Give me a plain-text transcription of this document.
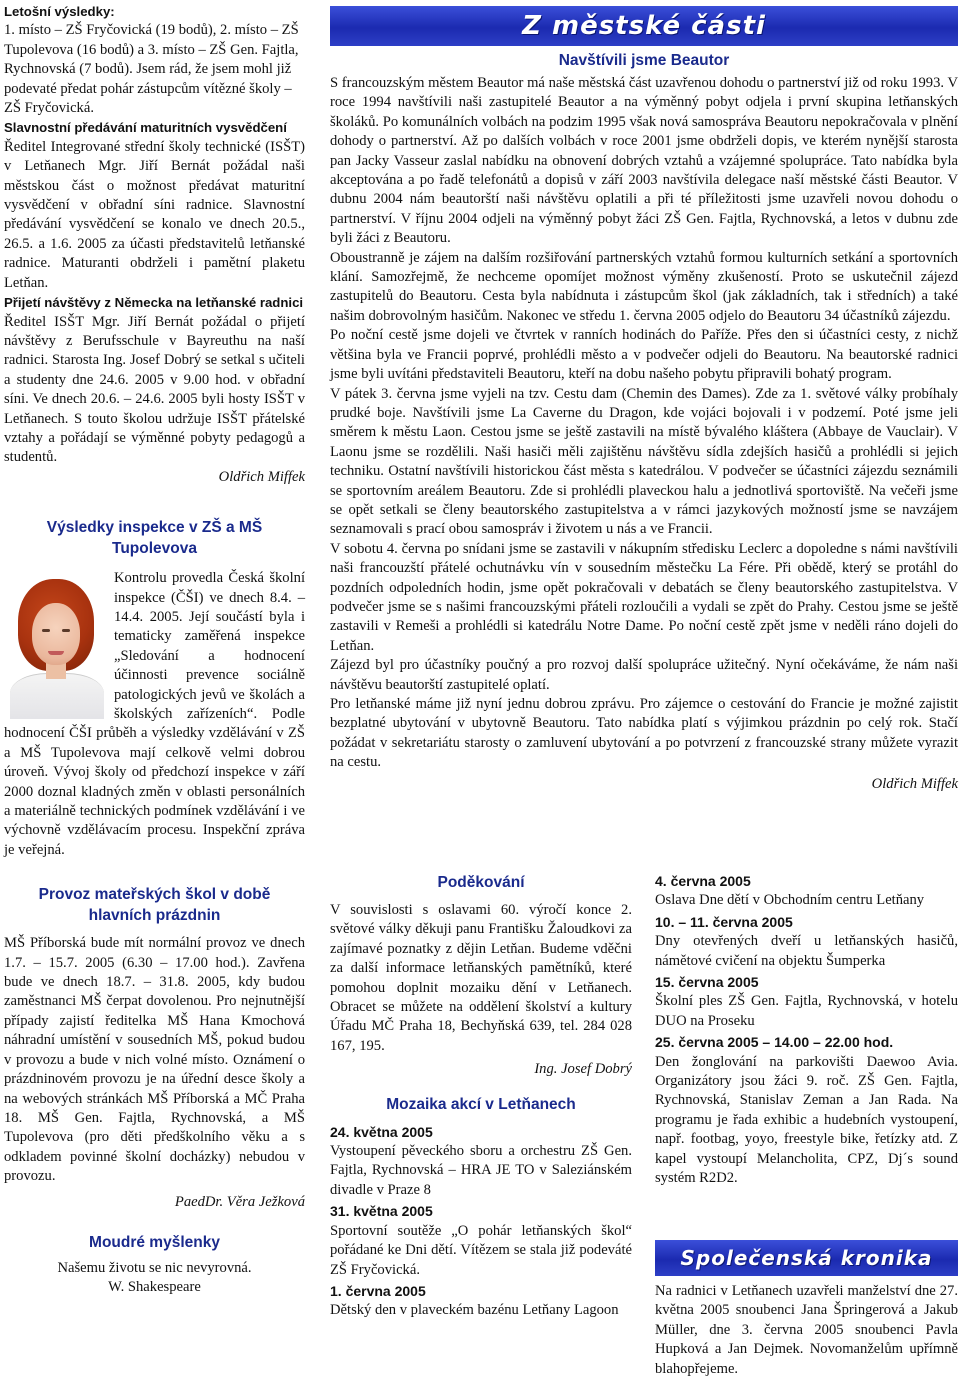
Letošní výsledky:

1. místo – ZŠ Fryčovická (19 bodů), 2. místo – ZŠ Tupolevova (16 bodů) a 3. místo – ZŠ Gen. Fajtla, Rychnovská (7 bodů). Jsem rád, že jsem mohl již podevaté předat pohár zástupcům vítězné školy – ZŠ Fryčovická.

Slavnostní předávání maturitních vysvědčení

Ředitel Integrované střední školy technické (ISŠT) v Letňanech Mgr. Jiří Bernát požádal naši městskou část o možnost předávat maturitní vysvědčení v obřadní síni radnice. Slavnostní předávání vysvědčení se konalo ve dnech 20.5., 26.5. a 1.6. 2005 za účasti představitelů letňanské radnice. Maturanti obdrželi i pamětní plaketu Letňan.

Přijetí návštěvy z Německa na letňanské radnici

Ředitel ISŠT Mgr. Jiří Bernát požádal o přijetí návštěvy z Berufsschule v Bayreuthu na naší radnici. Starosta Ing. Josef Dobrý se setkal s učiteli a studenty dne 24.6. 2005 v 9.00 hod. v obřadní síni. Ve dnech 20.6. – 24.6. 2005 byli hosty ISŠT v Letňanech. S touto školou udržuje ISŠT přátelské vztahy a pořádají se výměnné pobyty pedagogů a studentů.

Oldřich Miffek

Výsledky inspekce v ZŠ a MŠ Tupolevova

Kontrolu provedla Česká školní inspekce (ČŠI) ve dnech 8.4. – 14.4. 2005. Její součástí byla i tematicky zaměřená inspekce „Sledování a hodnocení účinnosti prevence sociálně patologických jevů ve školách a školských zařízeních“. Podle hodnocení ČŠI průběh a výsledky vzdělávání v ZŠ a MŠ Tupolevova mají celkově velmi dobrou úroveň. Vývoj školy od předchozí inspekce v září 2000 doznal kladných změn v oblasti personálních a materiálně technických podmínek vzdělávání i ve výchovně vzdělávacím procesu. Inspekční zpráva je veřejná.

Provoz mateřských škol v době hlavních prázdnin

MŠ Příborská bude mít normální provoz ve dnech 1.7. – 15.7. 2005 (6.30 – 17.00 hod.). Zavřena bude ve dnech 18.7. – 31.8. 2005, kdy budou zaměstnanci MŠ čerpat dovolenou. Pro nejnutnější případy zajistí ředitelka MŠ Hana Kmochová náhradní umístění v sousedních MŠ, pokud budou v provozu a bude v nich volné místo. Oznámení o prázdninovém provozu je na úřední desce školy a na webových stránkách MŠ Příborská a MČ Praha 18. MŠ Gen. Fajtla, Rychnovská, a MŠ Tupolevova (pro děti předškolního věku a s odkladem povinné školní docházky) nebudou v provozu.

PaedDr. Věra Ježková

Moudré myšlenky

Našemu životu se nic nevyrovná.

W. Shakespeare

Z městské části

Navštívili jsme Beautor

S francouzským městem Beautor má naše městská část uzavřenou dohodu o partnerství již od roku 1993. V roce 1994 navštívili naši zastupitelé Beautor a na výměnný pobyt odjela i první skupina letňanských školáků. Po komunálních volbách na podzim 1995 však nová samospráva Beautoru nepokračovala v plnění dohody o partnerství. Až po dalších volbách v roce 2001 jsme obdrželi dopis, ve kterém nynější starosta pan Jacky Vasseur zaslal nabídku na obnovení dobrých vztahů a vzájemné spolupráce. Tato nabídka byla akceptována a po řadě telefonátů a dopisů v září 2003 navštívila delegace naší městské části Beautor. V dubnu 2004 nám beautorští naši návštěvu oplatili a při té příležitosti jsme uzavřeli novou dohodu o partnerství. V říjnu 2004 odjeli na výměnný pobyt žáci ZŠ Gen. Fajtla, Rychnovská, a letos v dubnu zde byli žáci z Beautoru.

Oboustranně je zájem na dalším rozšiřování partnerských vztahů formou kulturních setkání a sportovních klání. Samozřejmě, že nechceme opomíjet možnost výměny zkušeností. Proto se uskutečnil zájezd zastupitelů do Beautoru. Cesta byla nabídnuta i zástupcům škol (jak základních, tak i středních) a také našim dobrovolným hasičům. Nakonec ve středu 1. června 2005 odjelo do Beautoru 34 účastníků zájezdu.

Po noční cestě jsme dojeli ve čtvrtek v ranních hodinách do Paříže. Přes den si účastníci cesty, z nichž většina byla ve Francii poprvé, prohlédli město a v podvečer odjeli do Beautoru. Na beautorské radnici jsme byli uvítáni představiteli Beautoru, kteří na dobu našeho pobytu připravili bohatý program.

V pátek 3. června jsme vyjeli na tzv. Cestu dam (Chemin des Dames). Zde za 1. světové války probíhaly prudké boje. Navštívili jsme La Caverne du Dragon, kde vojáci bojovali i v podzemí. Poté jsme jeli směrem k městu Laon. Cestou jsme se ještě zastavili na místě bývalého kláštera (Abbaye de Vauclair). V Laonu jsme se rozdělili. Naši hasiči měli zajištěnu návštěvu sídla zdejších hasičů a prohlédli si jejich techniku. Ostatní navštívili historickou část města s katedrálou. V podvečer se účastníci zájezdu seznámili se sportovním areálem Beautoru. Zde si prohlédli plaveckou halu a jednotlivá sportoviště. Na večeři jsme se opět setkali se členy beautorského zastupitelstva a v rámci jazykových možností jsme se navzájem seznamovali s prací obou samospráv i životem u nás a ve Francii.

V sobotu 4. června po snídani jsme se zastavili v nákupním středisku Leclerc a dopoledne s námi navštívili naši francouzští přátelé ochutnávku vín v sousedním městečku La Fére. Při obědě, který se protáhl do pozdních odpoledních hodin, jsme opět pokračovali v debatách se členy beautorského zastupitelstva. V podvečer jsme se s našimi francouzskými přáteli rozloučili a vydali se zpět do Prahy. Cestou jsme se ještě zastavili v Remeši a prohlédli si katedrálu Notre Dame. Po noční cestě zpět jsme v neděli ráno dojeli do Letňan.

Zájezd byl pro účastníky poučný a pro rozvoj další spolupráce užitečný. Nyní očekáváme, že nám naši návštěvu beautorští zastupitelé oplatí.

Pro letňanské máme již nyní jednu dobrou zprávu. Pro zájemce o cestování do Francie je možné zajistit bezplatné ubytování v ubytovně Beautoru. Tato nabídka platí s výjimkou prázdnin po celý rok. Stačí požádat v sekretariátu starosty o zamluvení ubytování a po potvrzení z francouzské strany můžete vyrazit na cestu.

Oldřich Miffek

Poděkování

V souvislosti s oslavami 60. výročí konce 2. světové války děkuji panu Františku Žaloudkovi za zajímavé poznatky z dějin Letňan. Budeme vděčni za další informace letňanských pamětníků, které pomohou doplnit mozaiku dění v Letňanech. Obracet se můžete na oddělení školství a kultury Úřadu MČ Praha 18, Bechyňská 639, tel. 284 028 167, 195.

Ing. Josef Dobrý

Mozaika akcí v Letňanech

24. května 2005

Vystoupení pěveckého sboru a orchestru ZŠ Gen. Fajtla, Rychnovská – HRA JE TO v Saleziánském divadle v Praze 8

31. května 2005

Sportovní soutěže „O pohár letňanských škol“ pořádané ke Dni dětí. Vítězem se stala již podeváté ZŠ Fryčovická.

1. června 2005

Dětský den v plaveckém bazénu Letňany Lagoon

4. června 2005

Oslava Dne dětí v Obchodním centru Letňany

10. – 11. června 2005

Dny otevřených dveří u letňanských hasičů, námětové cvičení na objektu Šumperka

15. června 2005

Školní ples ZŠ Gen. Fajtla, Rychnovská, v hotelu DUO na Proseku

25. června 2005 – 14.00 – 22.00 hod.

Den žonglování na parkovišti Daewoo Avia. Organizátory jsou žáci 9. roč. ZŠ Gen. Fajtla, Rychnovská, Stanislav Zeman a Jan Rada. Na programu je řada exhibic a hudebních vystoupení, např. footbag, yoyo, freestyle bike, řetízky atd. Z kapel vystoupí Melancholita, CPZ, Dj´s sound systém R2D2.

Společenská kronika

Na radnici v Letňanech uzavřeli manželství dne 27. května 2005 snoubenci Jana Špringerová a Jakub Müller, dne 3. června 2005 snoubenci Pavla Hupková a Jan Dejmek. Novomanželům upřímně blahopřejeme.
